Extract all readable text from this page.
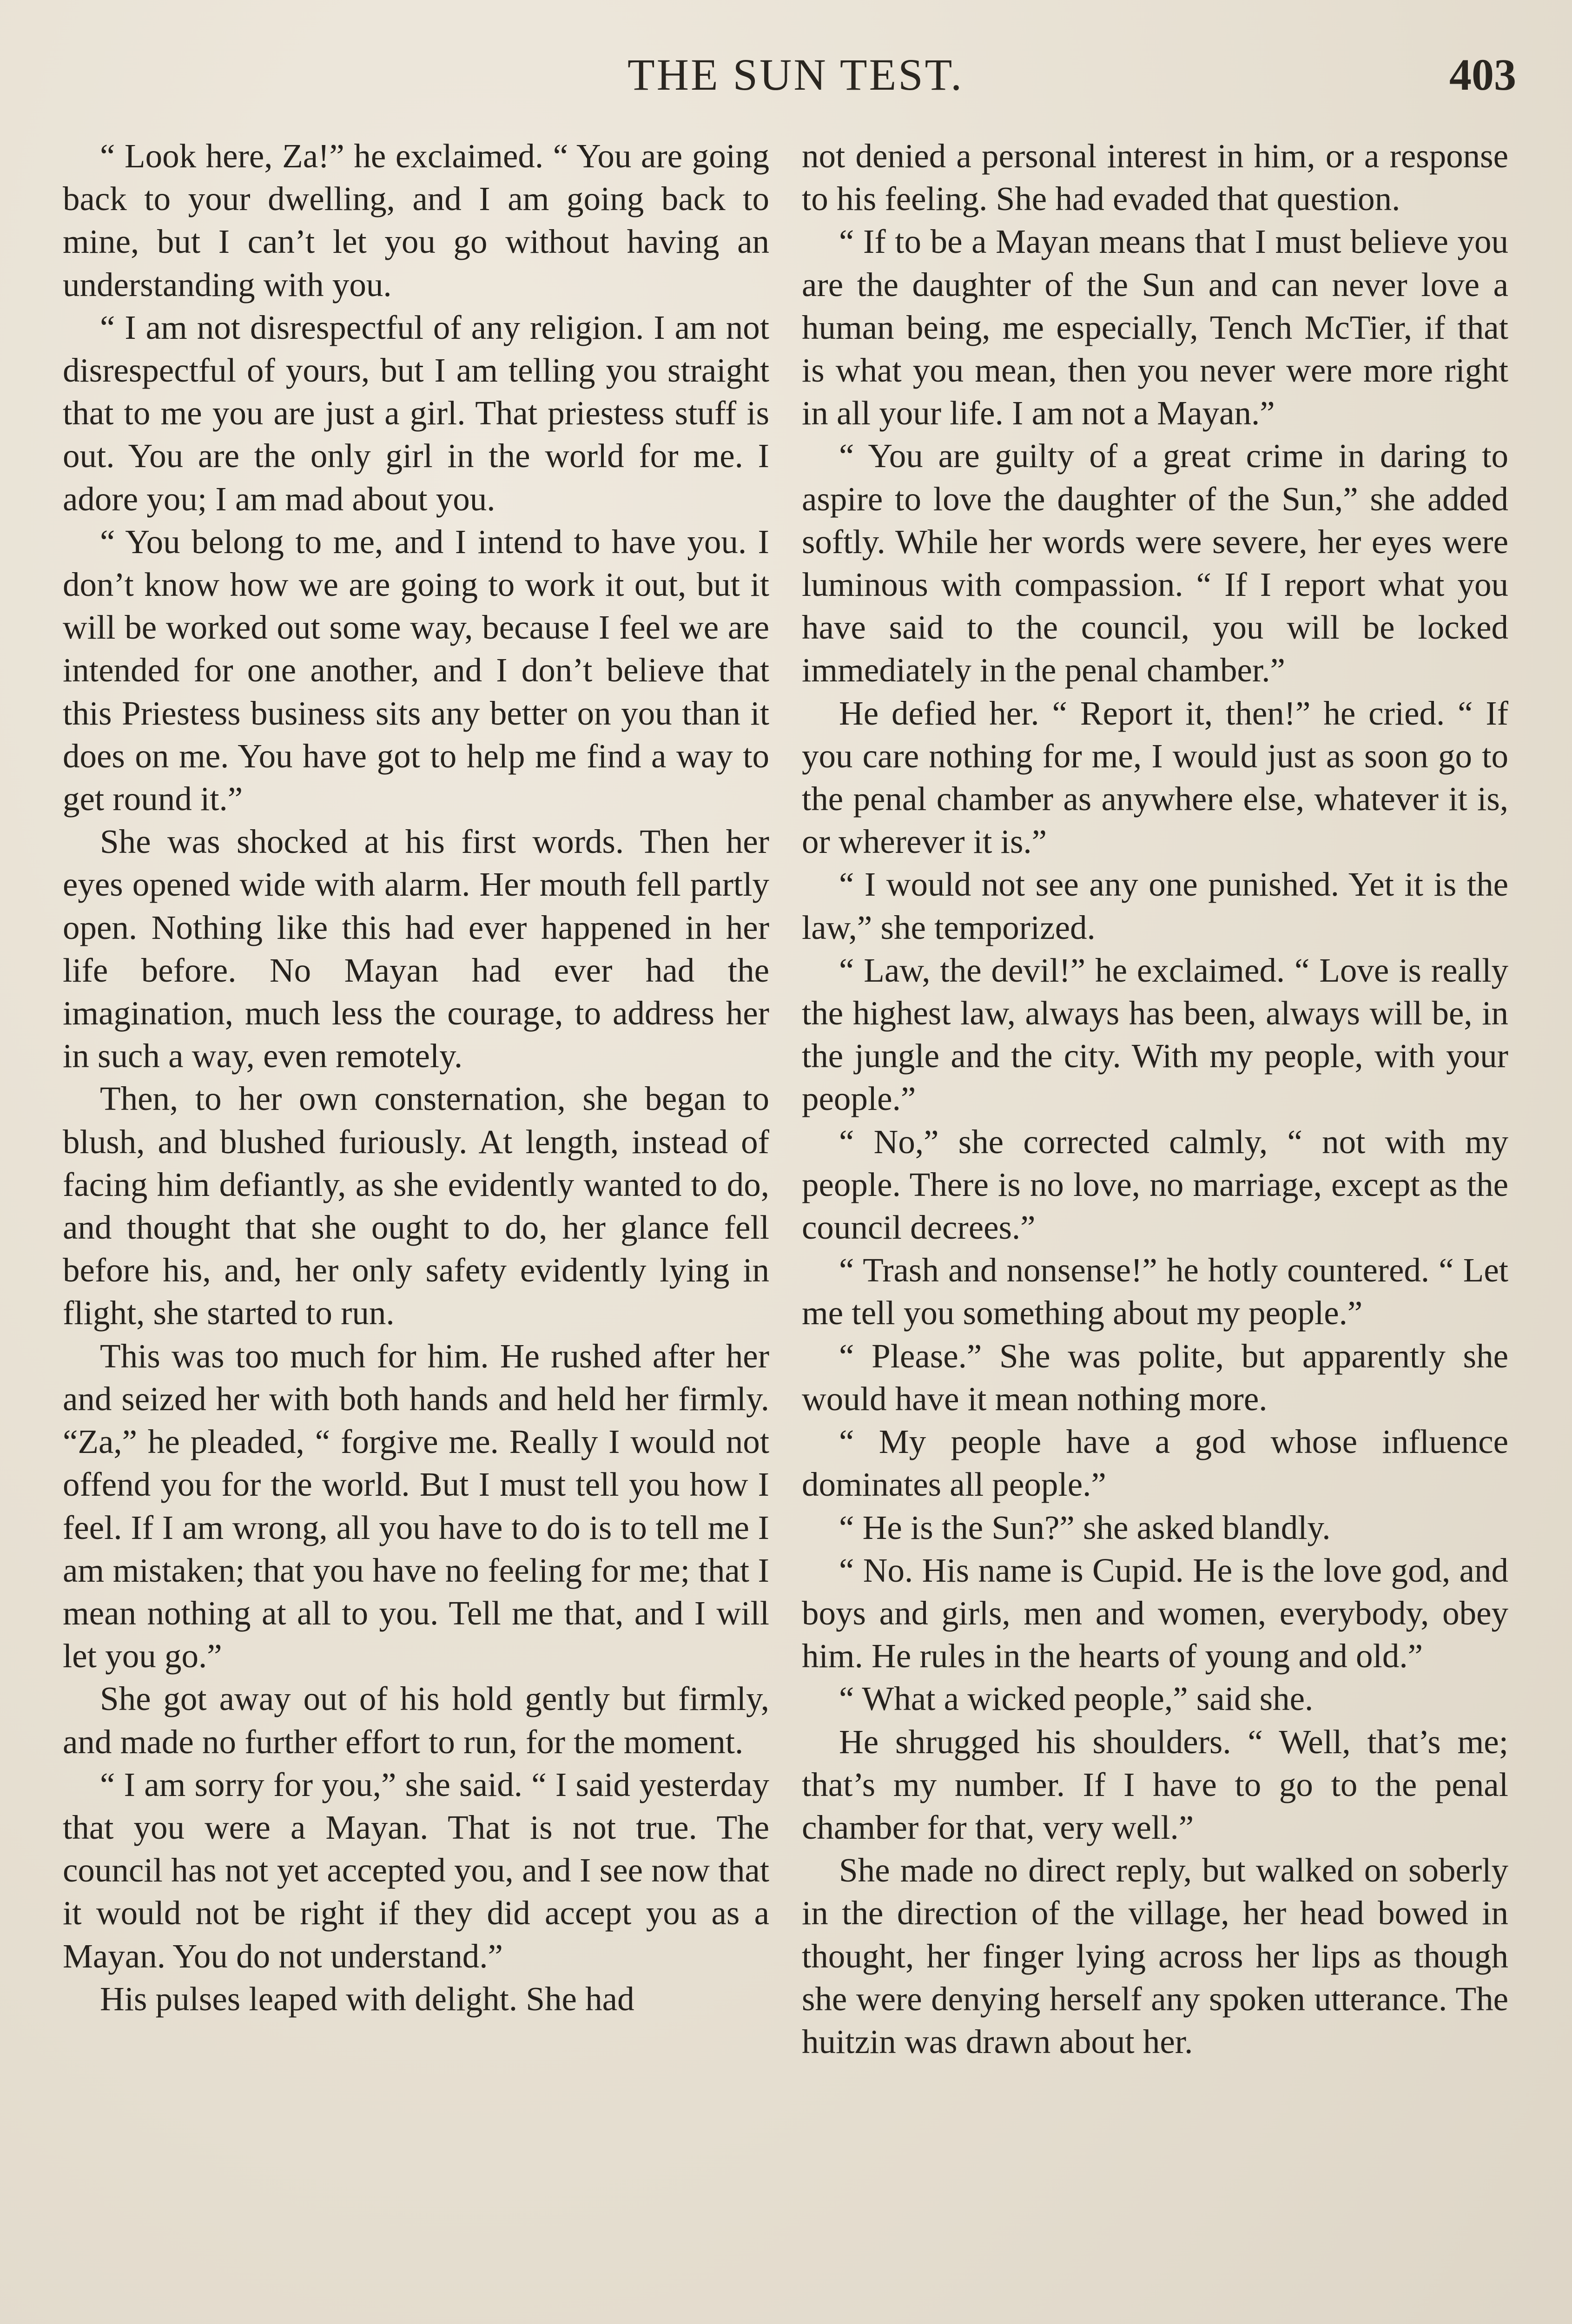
THE SUN TEST.	403

“ Look here, Za!” he exclaimed. “ You are going back to your dwelling, and I am going back to mine, but I can’t let you go without having an understanding with you.

“ I am not disrespectful of any religion. I am not disrespectful of yours, but I am telling you straight that to me you are just a girl. That priestess stuff is out. You are the only girl in the world for me. I adore you; I am mad about you.

“ You belong to me, and I intend to have you. I don’t know how we are going to work it out, but it will be worked out some way, because I feel we are intended for one another, and I don’t believe that this Priestess business sits any better on you than it does on me. You have got to help me find a way to get round it.”

She was shocked at his first words. Then her eyes opened wide with alarm. Her mouth fell partly open. Nothing like this had ever happened in her life before. No Mayan had ever had the imagination, much less the courage, to address her in such a way, even remotely.

Then, to her own consternation, she began to blush, and blushed furiously. At length, instead of facing him defiantly, as she evidently wanted to do, and thought that she ought to do, her glance fell before his, and, her only safety evidently lying in flight, she started to run.

This was too much for him. He rushed after her and seized her with both hands and held her firmly. “Za,” he pleaded, “ forgive me. Really I would not offend you for the world. But I must tell you how I feel. If I am wrong, all you have to do is to tell me I am mistaken; that you have no feeling for me; that I mean nothing at all to you. Tell me that, and I will let you go.”

She got away out of his hold gently but firmly, and made no further effort to run, for the moment.

“ I am sorry for you,” she said. “ I said yesterday that you were a Mayan. That is not true. The council has not yet accepted you, and I see now that it would not be right if they did accept you as a Mayan. You do not understand.”

His pulses leaped with delight. She had

not denied a personal interest in him, or a response to his feeling. She had evaded that question.

“ If to be a Mayan means that I must believe you are the daughter of the Sun and can never love a human being, me especially, Tench McTier, if that is what you mean, then you never were more right in all your life. I am not a Mayan.”

“ You are guilty of a great crime in daring to aspire to love the daughter of the Sun,” she added softly. While her words were severe, her eyes were luminous with compassion. “ If I report what you have said to the council, you will be locked immediately in the penal chamber.”

He defied her. “ Report it, then!” he cried. “ If you care nothing for me, I would just as soon go to the penal chamber as anywhere else, whatever it is, or wherever it is.”

“ I would not see any one punished. Yet it is the law,” she temporized.

“ Law, the devil!” he exclaimed. “ Love is really the highest law, always has been, always will be, in the jungle and the city. With my people, with your people.”

“ No,” she corrected calmly, “ not with my people. There is no love, no marriage, except as the council decrees.”

“ Trash and nonsense!” he hotly countered. “ Let me tell you something about my people.”

“ Please.” She was polite, but apparently she would have it mean nothing more.

“ My people have a god whose influence dominates all people.”

“ He is the Sun?” she asked blandly.

“ No. His name is Cupid. He is the love god, and boys and girls, men and women, everybody, obey him. He rules in the hearts of young and old.”

“ What a wicked people,” said she.

He shrugged his shoulders. “ Well, that’s me; that’s my number. If I have to go to the penal chamber for that, very well.”

She made no direct reply, but walked on soberly in the direction of the village, her head bowed in thought, her finger lying across her lips as though she were denying herself any spoken utterance. The huitzin was drawn about her.
